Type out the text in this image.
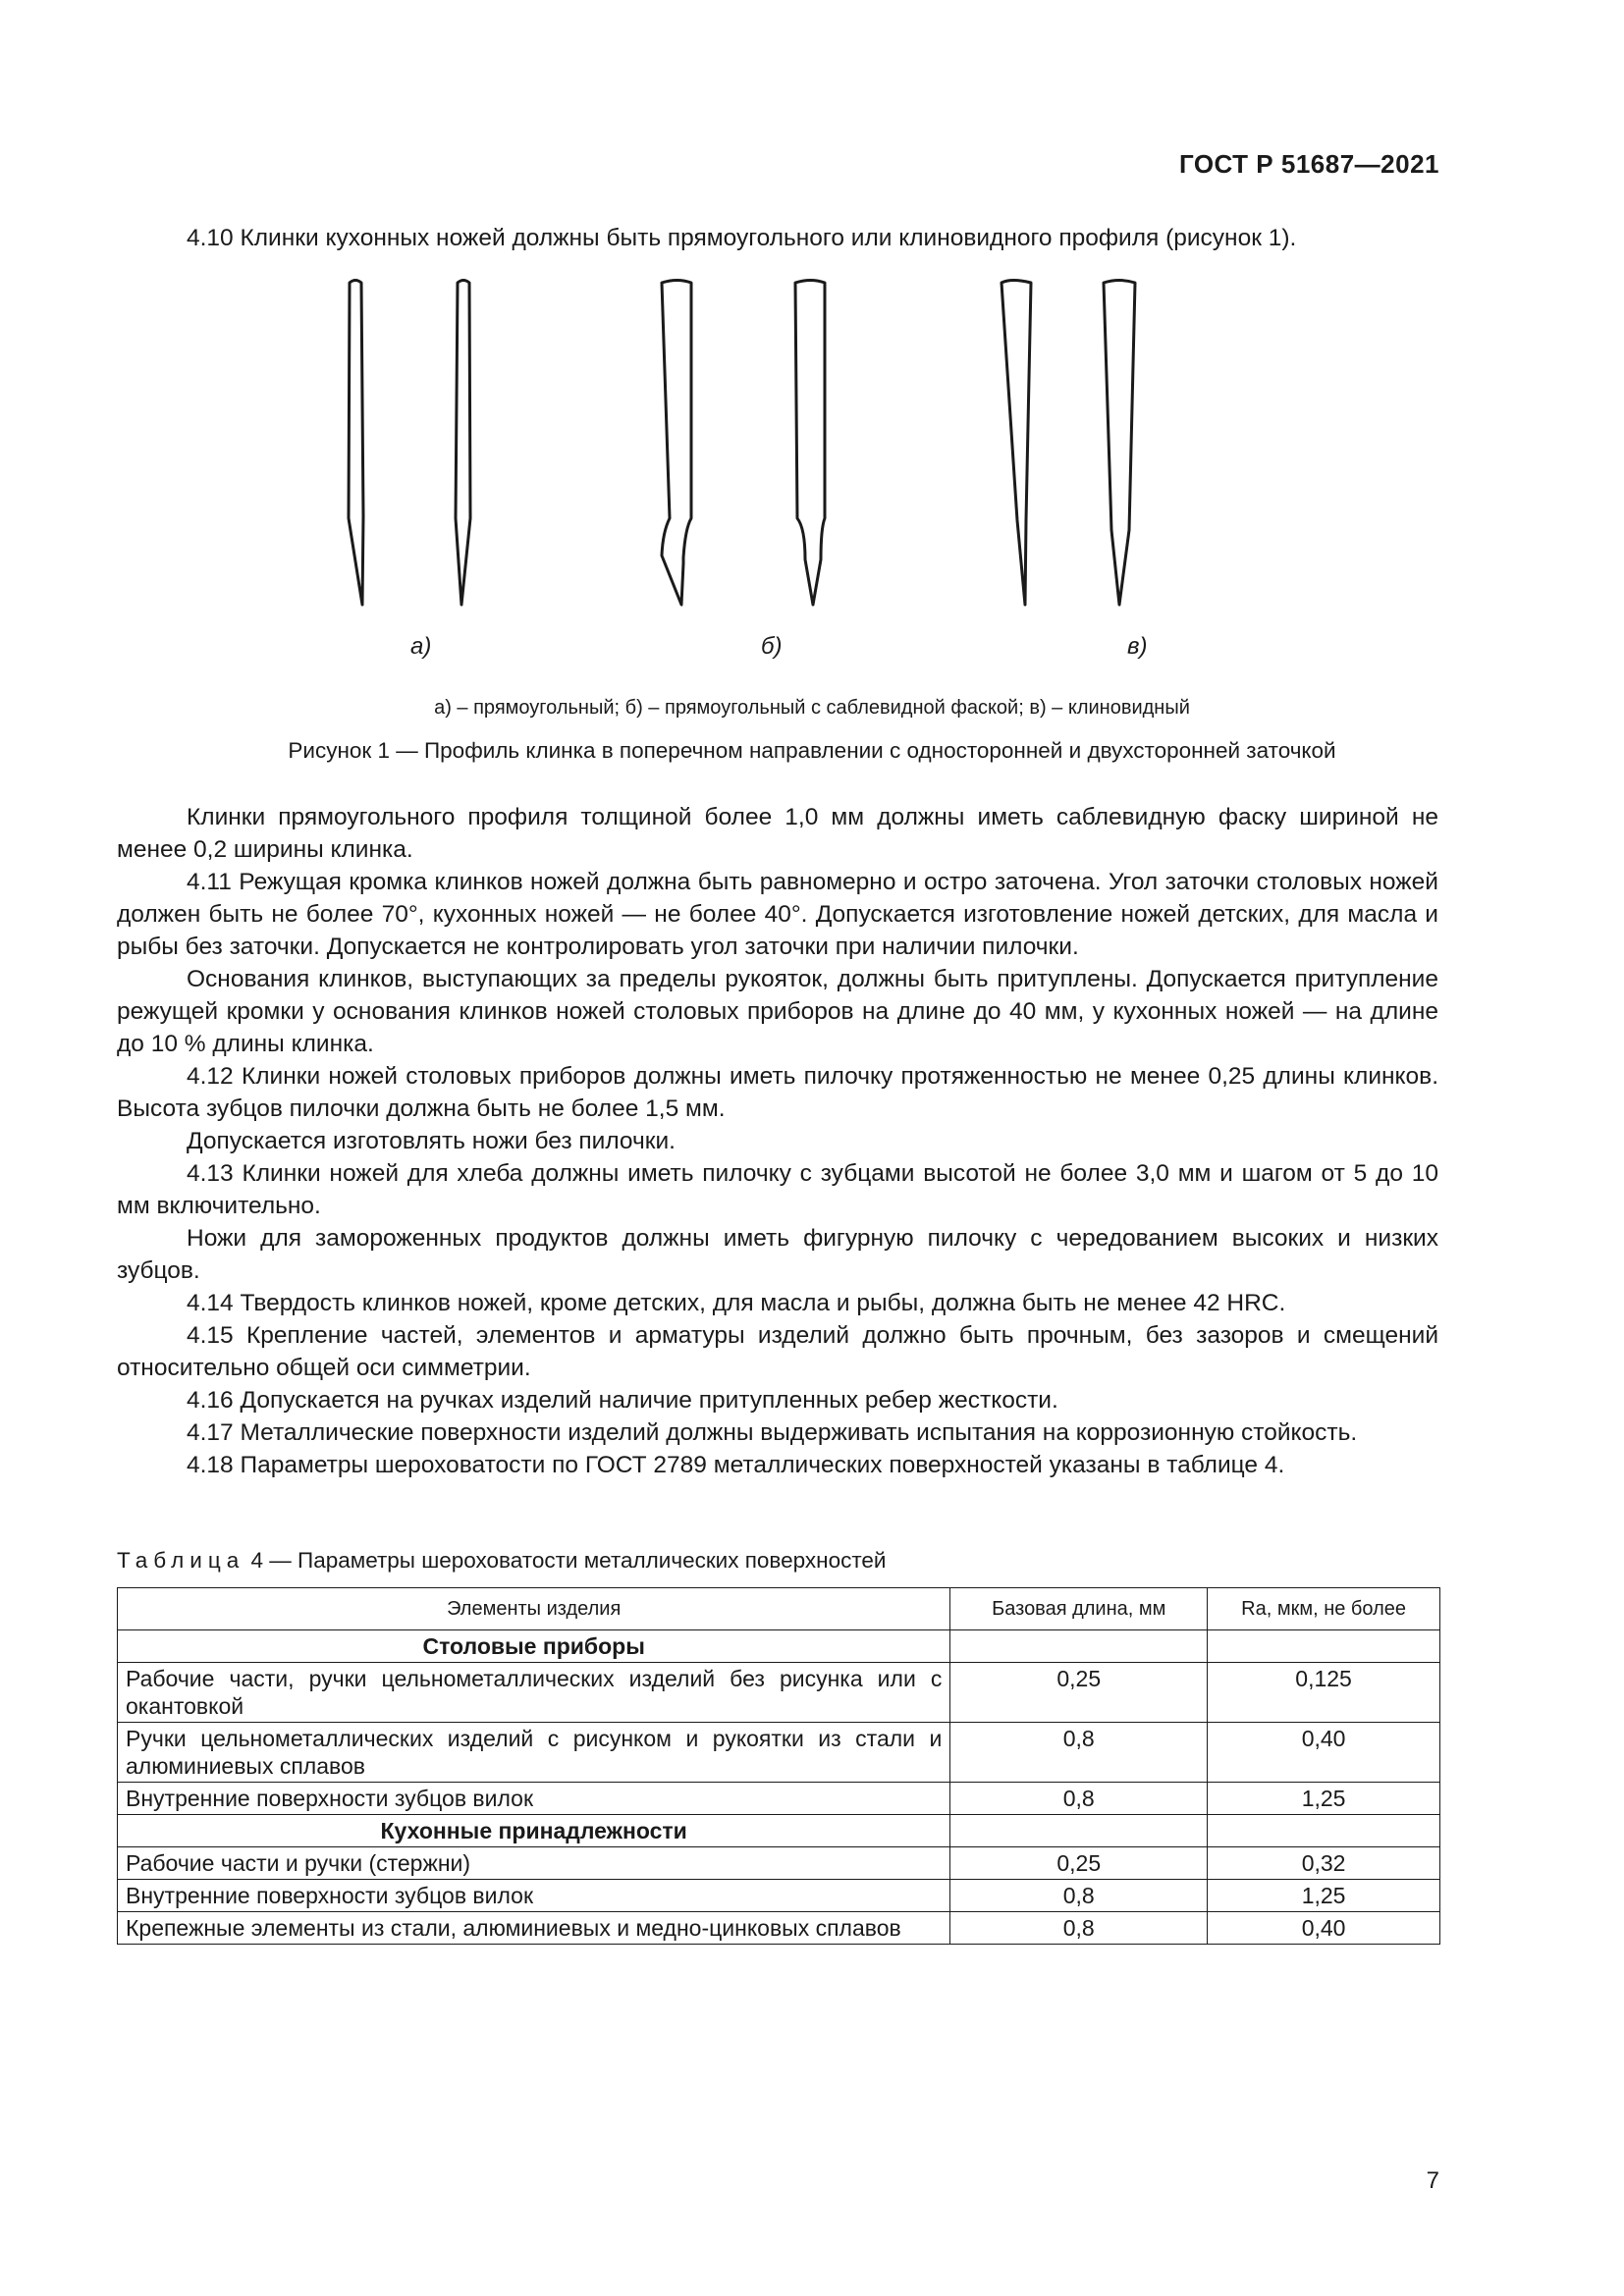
ГОСТ Р 51687—2021

4.10 Клинки кухонных ножей должны быть прямоугольного или клиновидного профиля (рисунок 1).

а)	б)	в)
а) – прямоугольный; б) – прямоугольный с саблевидной фаской; в) – клиновидный
Рисунок 1 — Профиль клинка в поперечном направлении с односторонней и двухсторонней заточкой

Клинки прямоугольного профиля толщиной более 1,0 мм должны иметь саблевидную фаску шириной не менее 0,2 ширины клинка.

4.11 Режущая кромка клинков ножей должна быть равномерно и остро заточена. Угол заточки столовых ножей должен быть не более 70°, кухонных ножей — не более 40°. Допускается изготовление ножей детских, для масла и рыбы без заточки. Допускается не контролировать угол заточки при наличии пилочки.

Основания клинков, выступающих за пределы рукояток, должны быть притуплены. Допускается притупление режущей кромки у основания клинков ножей столовых приборов на длине до 40 мм, у кухонных ножей — на длине до 10 % длины клинка.

4.12 Клинки ножей столовых приборов должны иметь пилочку протяженностью не менее 0,25 длины клинков. Высота зубцов пилочки должна быть не более 1,5 мм.

Допускается изготовлять ножи без пилочки.

4.13 Клинки ножей для хлеба должны иметь пилочку с зубцами высотой не более 3,0 мм и шагом от 5 до 10 мм включительно.

Ножи для замороженных продуктов должны иметь фигурную пилочку с чередованием высоких и низких зубцов.

4.14 Твердость клинков ножей, кроме детских, для масла и рыбы, должна быть не менее 42 HRC.

4.15 Крепление частей, элементов и арматуры изделий должно быть прочным, без зазоров и смещений относительно общей оси симметрии.

4.16 Допускается на ручках изделий наличие притупленных ребер жесткости.

4.17 Металлические поверхности изделий должны выдерживать испытания на коррозионную стойкость.

4.18 Параметры шероховатости по ГОСТ 2789 металлических поверхностей указаны в таблице 4.

Таблица 4 — Параметры шероховатости металлических поверхностей
Элементы изделия	Базовая длина, мм	Ra, мкм, не более
Столовые приборы		
Рабочие части, ручки цельнометаллических изделий без рисунка или с окантовкой	0,25	0,125
Ручки цельнометаллических изделий с рисунком и рукоятки из стали и алюминиевых сплавов	0,8	0,40
Внутренние поверхности зубцов вилок	0,8	1,25
Кухонные принадлежности		
Рабочие части и ручки (стержни)	0,25	0,32
Внутренние поверхности зубцов вилок	0,8	1,25
Крепежные элементы из стали, алюминиевых и медно-цинковых сплавов	0,8	0,40
7
